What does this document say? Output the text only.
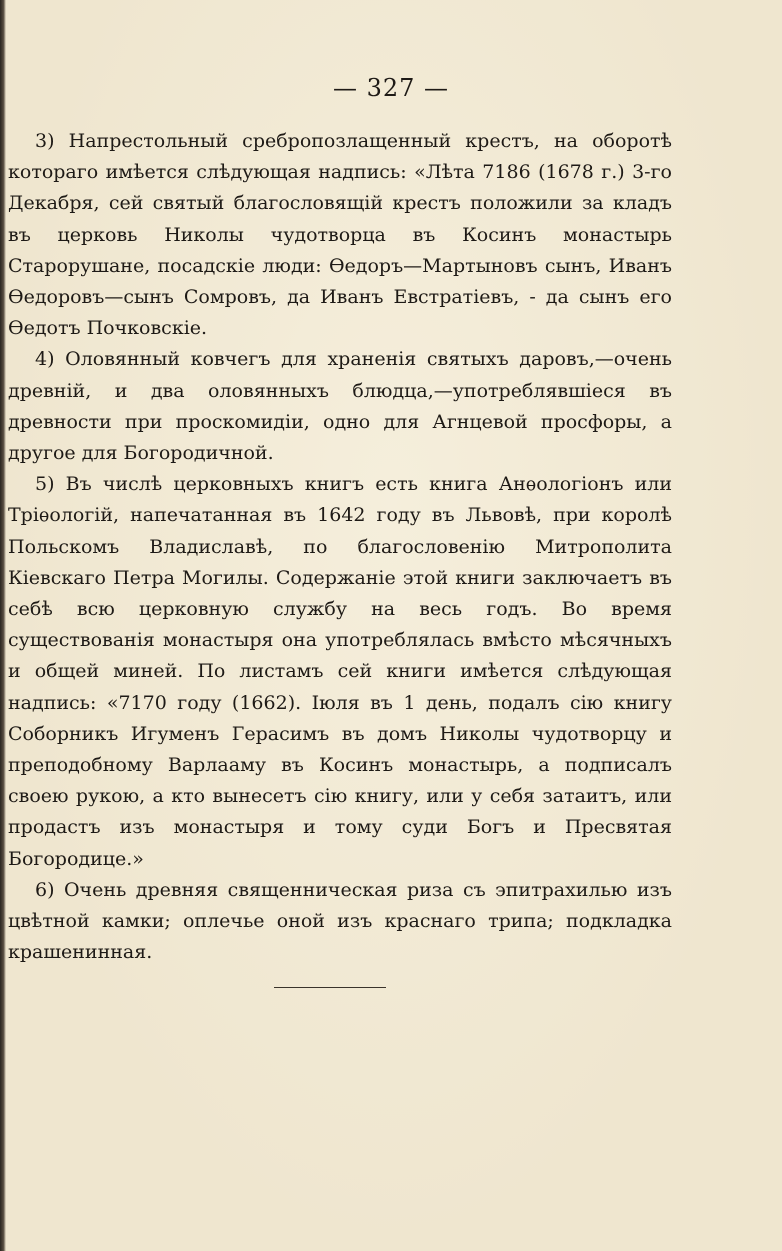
— 327 —

3) Напрестольный сребропозлащенный крестъ, на оборотѣ котораго имѣется слѣдующая надпись: «Лѣта 7186 (1678 г.) 3-го Декабря, сей святый благословящій крестъ положили за кладъ въ церковь Николы чудотворца въ Косинъ монастырь Старорушане, посадскіе люди: Ѳедоръ—Мартыновъ сынъ, Иванъ Ѳедоровъ—сынъ Сомровъ, да Иванъ Евстратіевъ, - да сынъ его Ѳедотъ Почковскіе.

4) Оловянный ковчегъ для храненія святыхъ даровъ,—очень древній, и два оловянныхъ блюдца,—употреблявшіеся въ древности при проскомидіи, одно для Агнцевой просфоры, а другое для Богородичной.

5) Въ числѣ церковныхъ книгъ есть книга Анѳологіонъ или Тріѳологій, напечатанная въ 1642 году въ Львовѣ, при королѣ Польскомъ Владиславѣ, по благословенію Митрополита Кіевскаго Петра Могилы. Содержаніе этой книги заключаетъ въ себѣ всю церковную службу на весь годъ. Во время существованія монастыря она употреблялась вмѣсто мѣсячныхъ и общей миней. По листамъ сей книги имѣется слѣдующая надпись: «7170 году (1662). Іюля въ 1 день, подалъ сію книгу Соборникъ Игуменъ Герасимъ въ домъ Николы чудотворцу и преподобному Варлааму въ Косинъ монастырь, а подписалъ своею рукою, а кто вынесетъ сію книгу, или у себя затаитъ, или продастъ изъ монастыря и тому суди Богъ и Пресвятая Богородице.»

6) Очень древняя священническая риза съ эпитрахилью изъ цвѣтной камки; оплечье оной изъ краснаго трипа; подкладка крашенинная.
